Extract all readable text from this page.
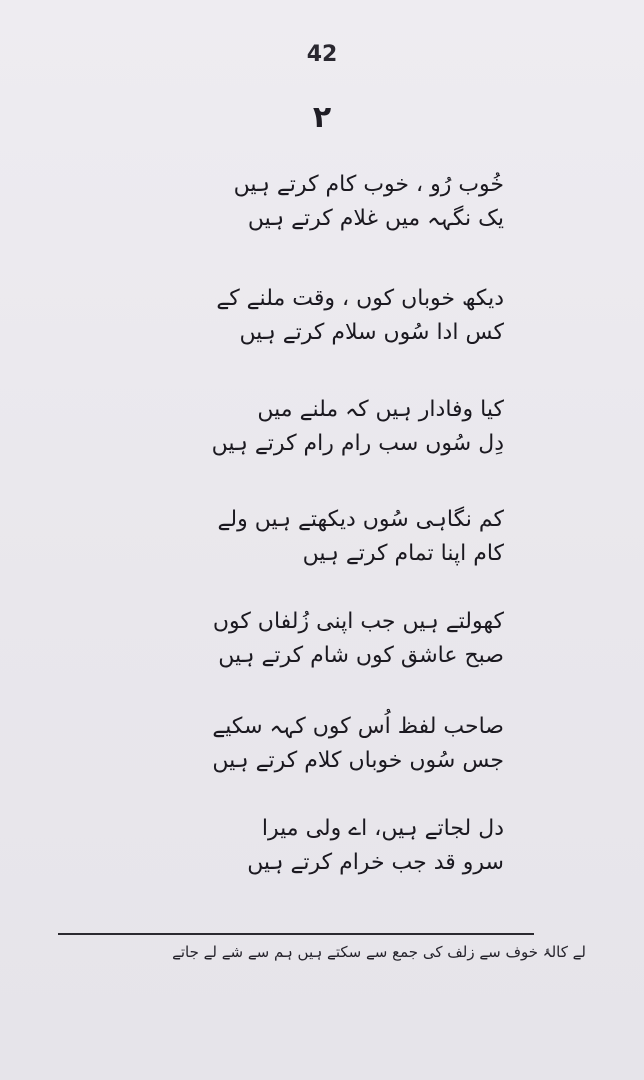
42
۲
خُوب رُو ، خوب کام کرتے ہیں
یک نگہہ میں غلام کرتے ہیں
دیکھ خوباں کوں ، وقت ملنے کے
کس ادا سُوں سلام کرتے ہیں
کیا وفادار ہیں کہ ملنے میں
دِل سُوں سب رام رام کرتے ہیں
کم نگاہی سُوں دیکھتے ہیں ولے
کام اپنا تمام کرتے ہیں
کھولتے ہیں جب اپنی زُلفاں کوں
صبح عاشق کوں شام کرتے ہیں
صاحب لفظ اُس کوں کہہ سکیے
جس سُوں خوباں کلام کرتے ہیں
دل لجاتے ہیں، اے ولی میرا
سرو قد جب خرام کرتے ہیں
لے کالۂ خوف سے زلف کی جمع سے سکتے ہیں ہم سے شے لے جاتے
